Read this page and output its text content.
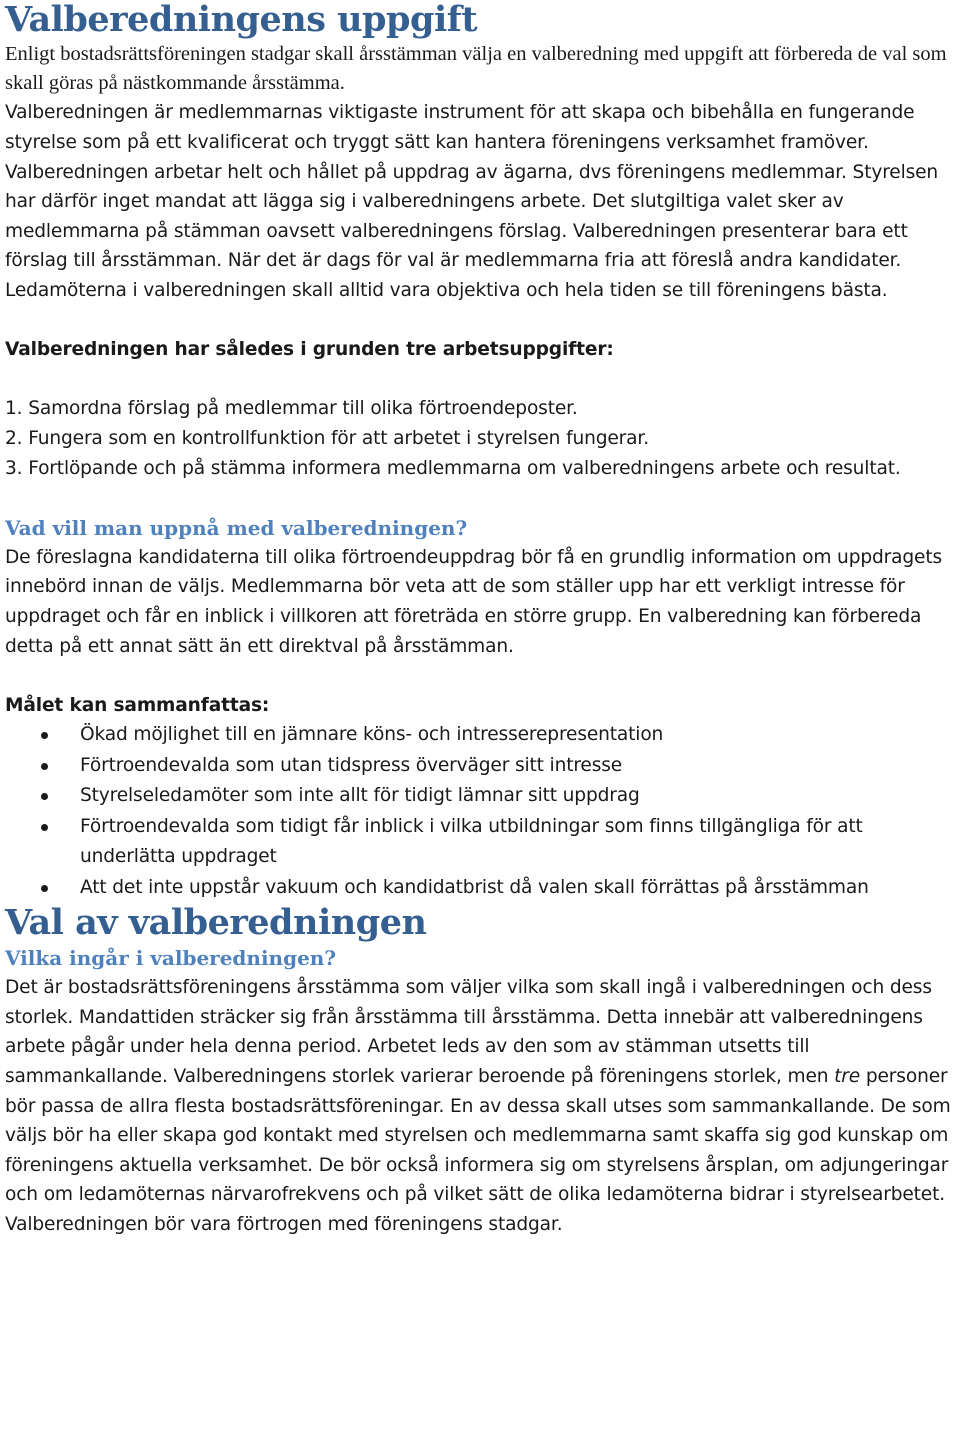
Valberedningens uppgift

Enligt bostadsrättsföreningen stadgar skall årsstämman välja en valberedning med uppgift att förbereda de val som skall göras på nästkommande årsstämma.

Valberedningen är medlemmarnas viktigaste instrument för att skapa och bibehålla en fungerande styrelse som på ett kvalificerat och tryggt sätt kan hantera föreningens verksamhet framöver. Valberedningen arbetar helt och hållet på uppdrag av ägarna, dvs föreningens medlemmar. Styrelsen har därför inget mandat att lägga sig i valberedningens arbete. Det slutgiltiga valet sker av medlemmarna på stämman oavsett valberedningens förslag. Valberedningen presenterar bara ett förslag till årsstämman. När det är dags för val är medlemmarna fria att föreslå andra kandidater. Ledamöterna i valberedningen skall alltid vara objektiva och hela tiden se till föreningens bästa.

Valberedningen har således i grunden tre arbetsuppgifter:

1. Samordna förslag på medlemmar till olika förtroendeposter.

2. Fungera som en kontrollfunktion för att arbetet i styrelsen fungerar.

3. Fortlöpande och på stämma informera medlemmarna om valberedningens arbete och resultat.

Vad vill man uppnå med valberedningen?

De föreslagna kandidaterna till olika förtroendeuppdrag bör få en grundlig information om uppdragets innebörd innan de väljs. Medlemmarna bör veta att de som ställer upp har ett verkligt intresse för uppdraget och får en inblick i villkoren att företräda en större grupp. En valberedning kan förbereda detta på ett annat sätt än ett direktval på årsstämman.

Målet kan sammanfattas:

Ökad möjlighet till en jämnare köns- och intresserepresentation
Förtroendevalda som utan tidspress överväger sitt intresse
Styrelseledamöter som inte allt för tidigt lämnar sitt uppdrag
Förtroendevalda som tidigt får inblick i vilka utbildningar som finns tillgängliga för att underlätta uppdraget
Att det inte uppstår vakuum och kandidatbrist då valen skall förrättas på årsstämman
Val av valberedningen
Vilka ingår i valberedningen?

Det är bostadsrättsföreningens årsstämma som väljer vilka som skall ingå i valberedningen och dess storlek. Mandattiden sträcker sig från årsstämma till årsstämma. Detta innebär att valberedningens arbete pågår under hela denna period. Arbetet leds av den som av stämman utsetts till sammankallande. Valberedningens storlek varierar beroende på föreningens storlek, men tre personer bör passa de allra flesta bostadsrättsföreningar. En av dessa skall utses som sammankallande. De som väljs bör ha eller skapa god kontakt med styrelsen och medlemmarna samt skaffa sig god kunskap om föreningens aktuella verksamhet. De bör också informera sig om styrelsens årsplan, om adjungeringar och om ledamöternas närvarofrekvens och på vilket sätt de olika ledamöterna bidrar i styrelsearbetet. Valberedningen bör vara förtrogen med föreningens stadgar.
